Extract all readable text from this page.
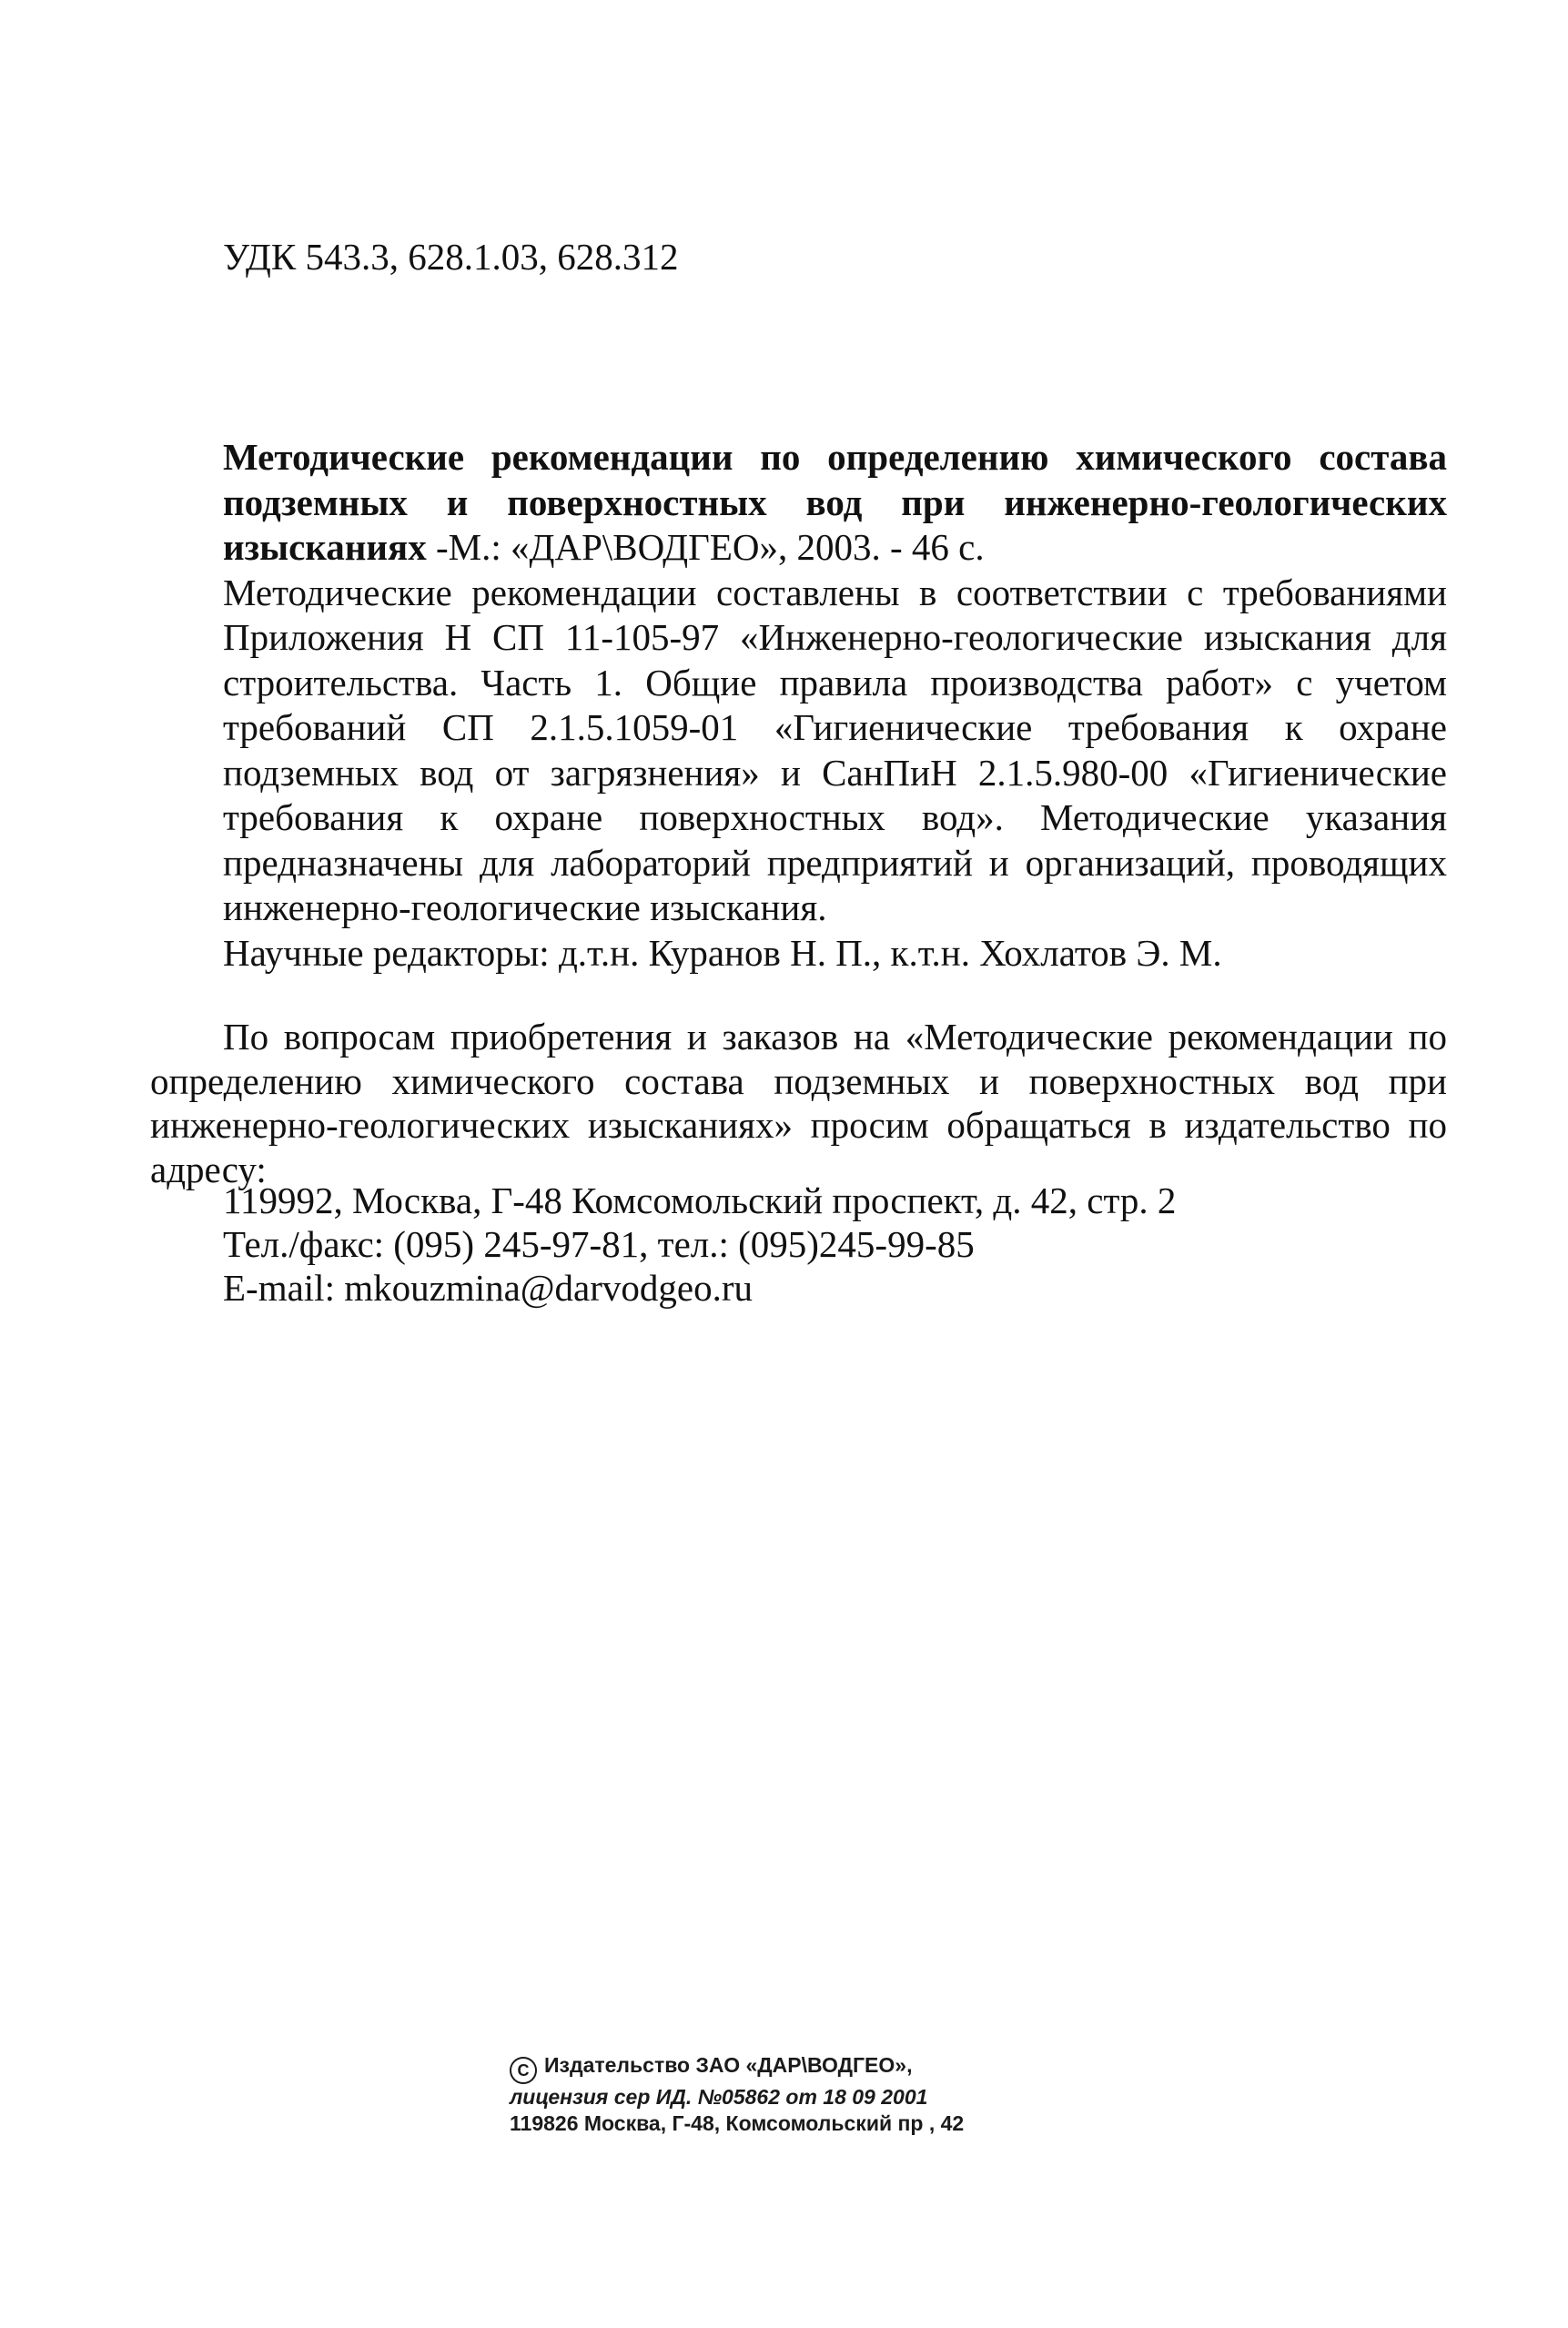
УДК 543.3, 628.1.03, 628.312

Методические рекомендации по определению химического состава подземных и поверхностных вод при инженерно-геологических изысканиях -М.: «ДАР\ВОДГЕО», 2003. - 46 с.

Методические рекомендации составлены в соответствии с требованиями Приложения Н СП 11-105-97 «Инженерно-геологические изыскания для строительства. Часть 1. Общие правила производства работ» с учетом требований СП 2.1.5.1059-01 «Гигиенические требования к охране подземных вод от загрязнения» и СанПиН 2.1.5.980-00 «Гигиенические требования к охране поверхностных вод». Методические указания предназначены для лабораторий предприятий и организаций, проводящих инженерно-геологические изыскания.

Научные редакторы: д.т.н. Куранов Н. П., к.т.н. Хохлатов Э. М.

По вопросам приобретения и заказов на «Методические рекомендации по определению химического состава подземных и поверхностных вод при инженерно-геологических изысканиях» просим обращаться в издательство по адресу:

119992, Москва, Г-48 Комсомольский проспект, д. 42, стр. 2
Тел./факс: (095) 245-97-81, тел.: (095)245-99-85
E-mail: mkouzmina@darvodgeo.ru
CИздательство ЗАО «ДАР\ВОДГЕО»,
лицензия сер ИД. №05862 от 18 09 2001
119826 Москва, Г-48, Комсомольский пр , 42
